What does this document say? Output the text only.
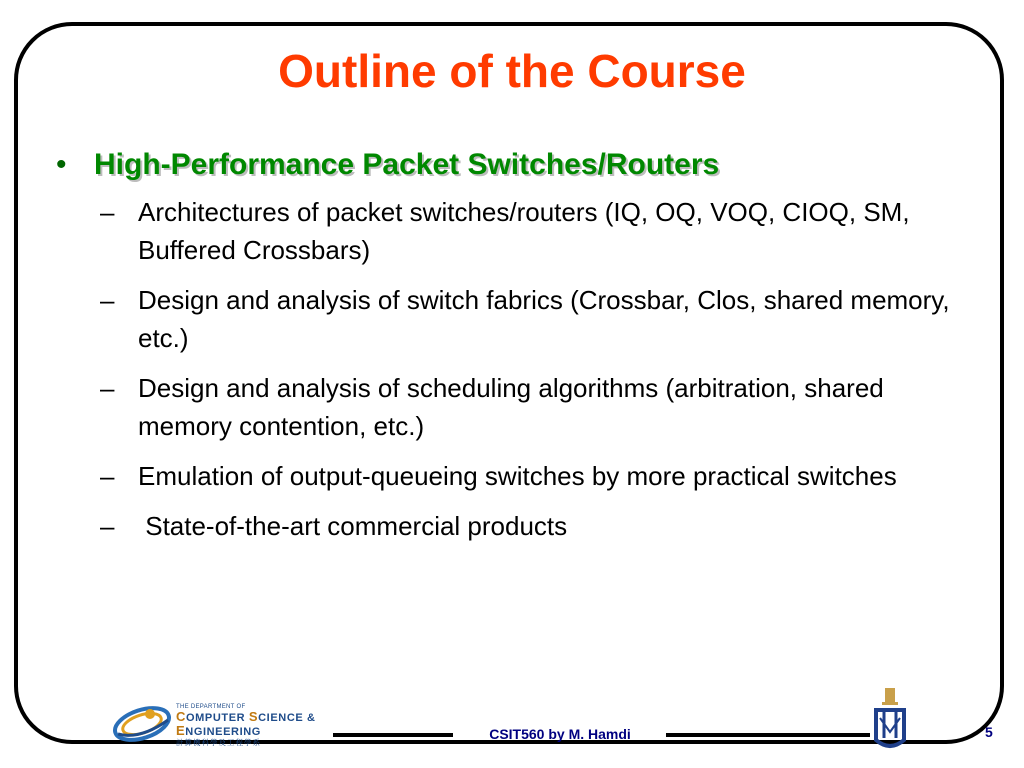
Outline of the Course
• High-Performance Packet Switches/Routers
– Architectures of packet switches/routers (IQ, OQ, VOQ, CIOQ, SM, Buffered Crossbars)
– Design and analysis of switch fabrics (Crossbar, Clos, shared memory, etc.)
– Design and analysis of scheduling algorithms (arbitration, shared memory contention, etc.)
– Emulation of output-queueing switches by more practical switches
– State-of-the-art commercial products
THE DEPARTMENT OF
COMPUTER SCIENCE &
ENGINEERING
計算機科學及工程學系
CSIT560 by M. Hamdi	5
